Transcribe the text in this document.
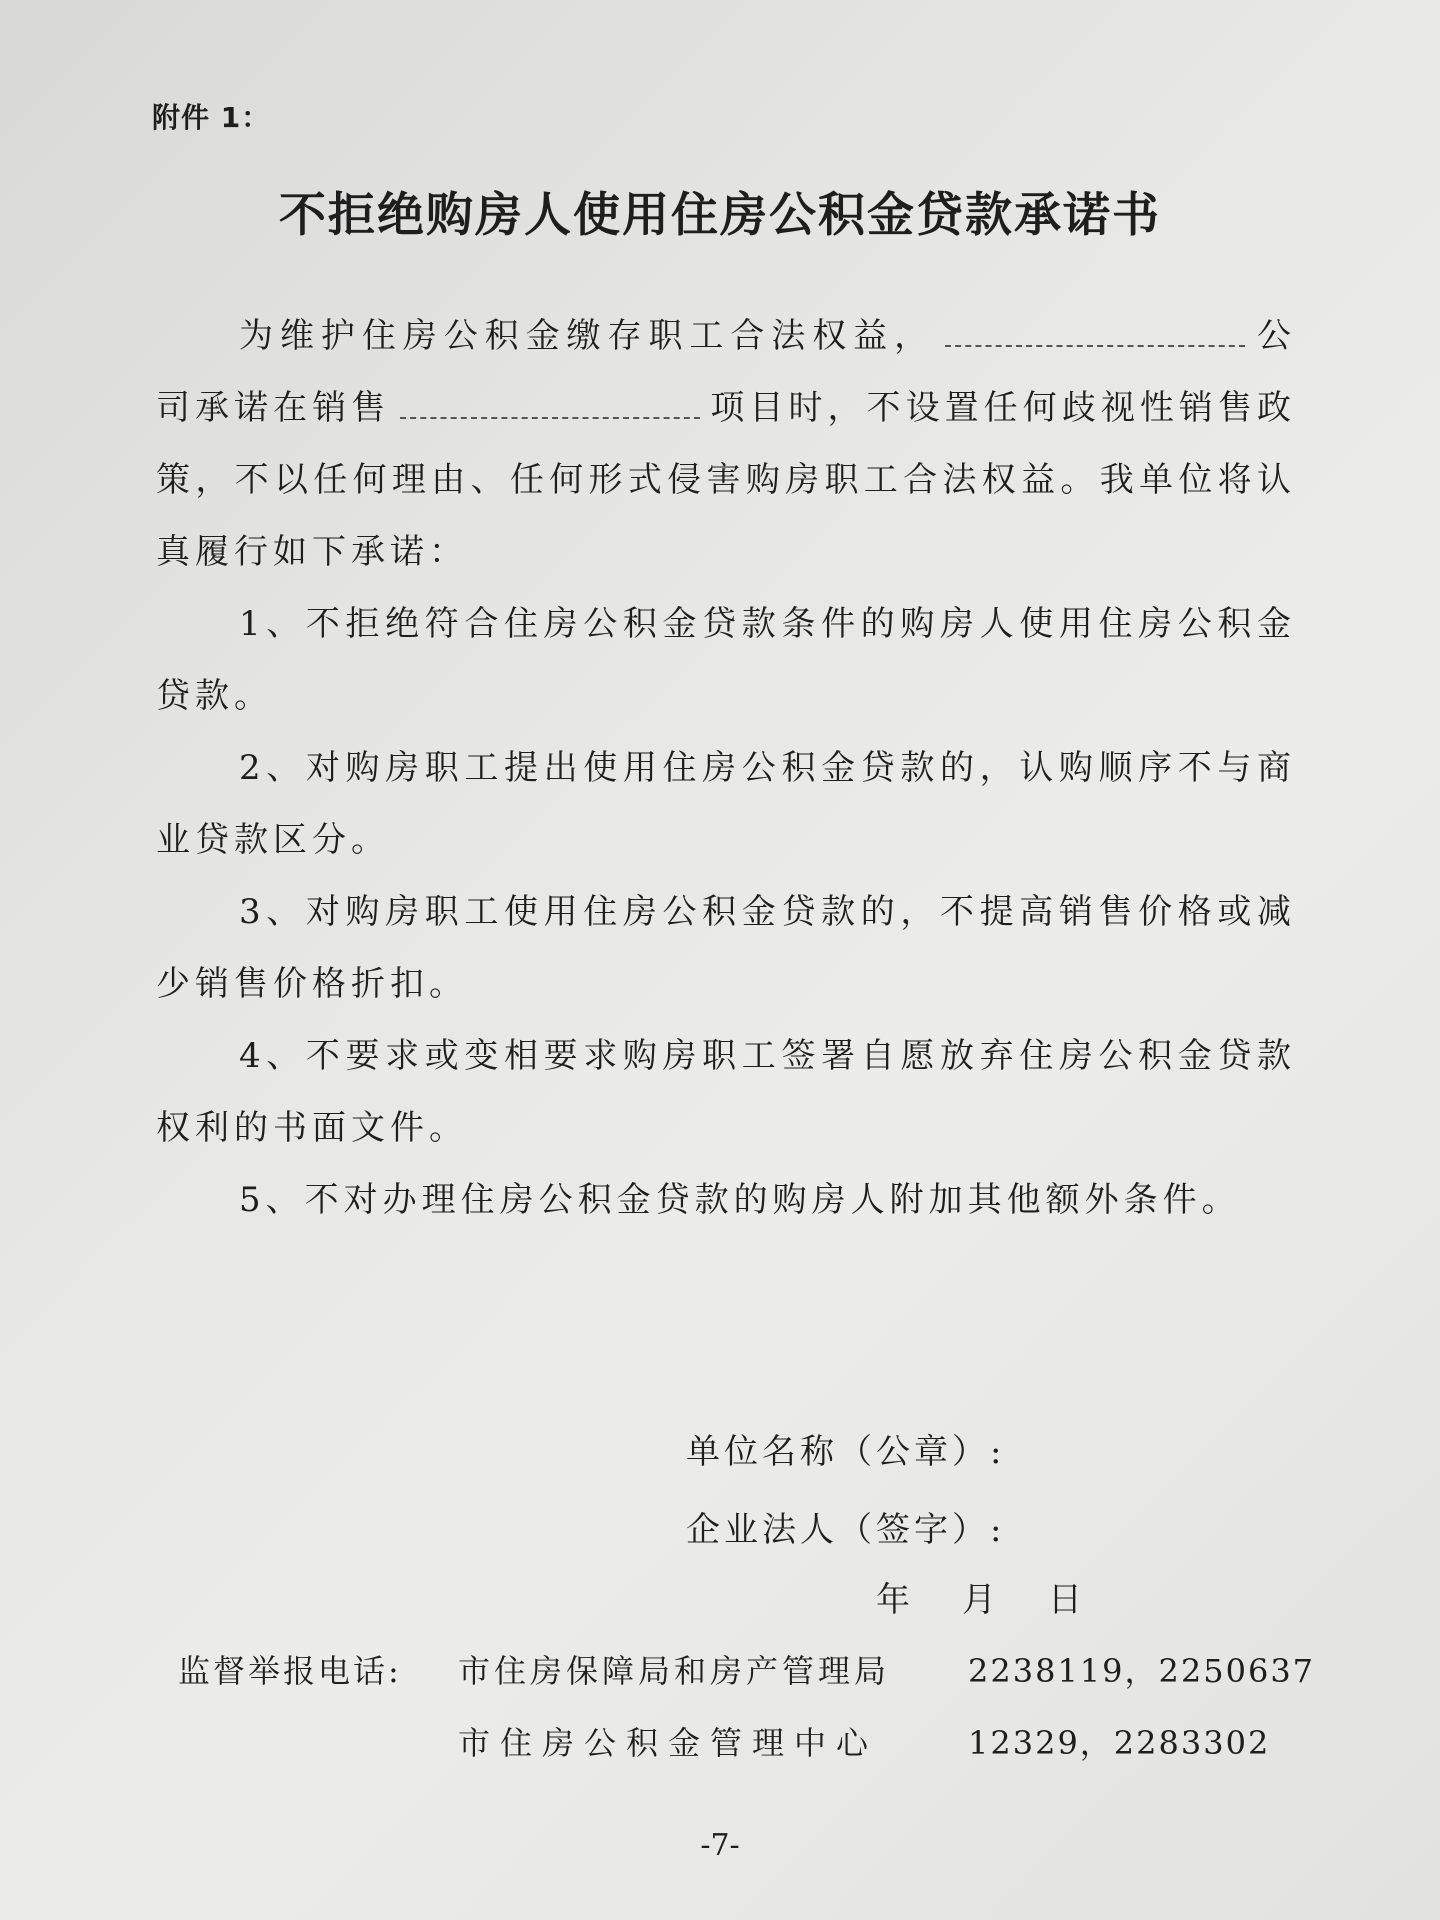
附件 1：
不拒绝购房人使用住房公积金贷款承诺书

为维护住房公积金缴存职工合法权益，	公司承诺在销售	项目时，不设置任何歧视性销售政策，不以任何理由、任何形式侵害购房职工合法权益。我单位将认真履行如下承诺：

1、不拒绝符合住房公积金贷款条件的购房人使用住房公积金贷款。

2、对购房职工提出使用住房公积金贷款的，认购顺序不与商业贷款区分。

3、对购房职工使用住房公积金贷款的，不提高销售价格或减少销售价格折扣。

4、不要求或变相要求购房职工签署自愿放弃住房公积金贷款权利的书面文件。

5、不对办理住房公积金贷款的购房人附加其他额外条件。

单位名称（公章）:
企业法人（签字）:
年 月 日
监督举报电话: 市住房保障局和房产管理局 2238119，2250637
市住房公积金管理中心	12329，2283302
-7-
